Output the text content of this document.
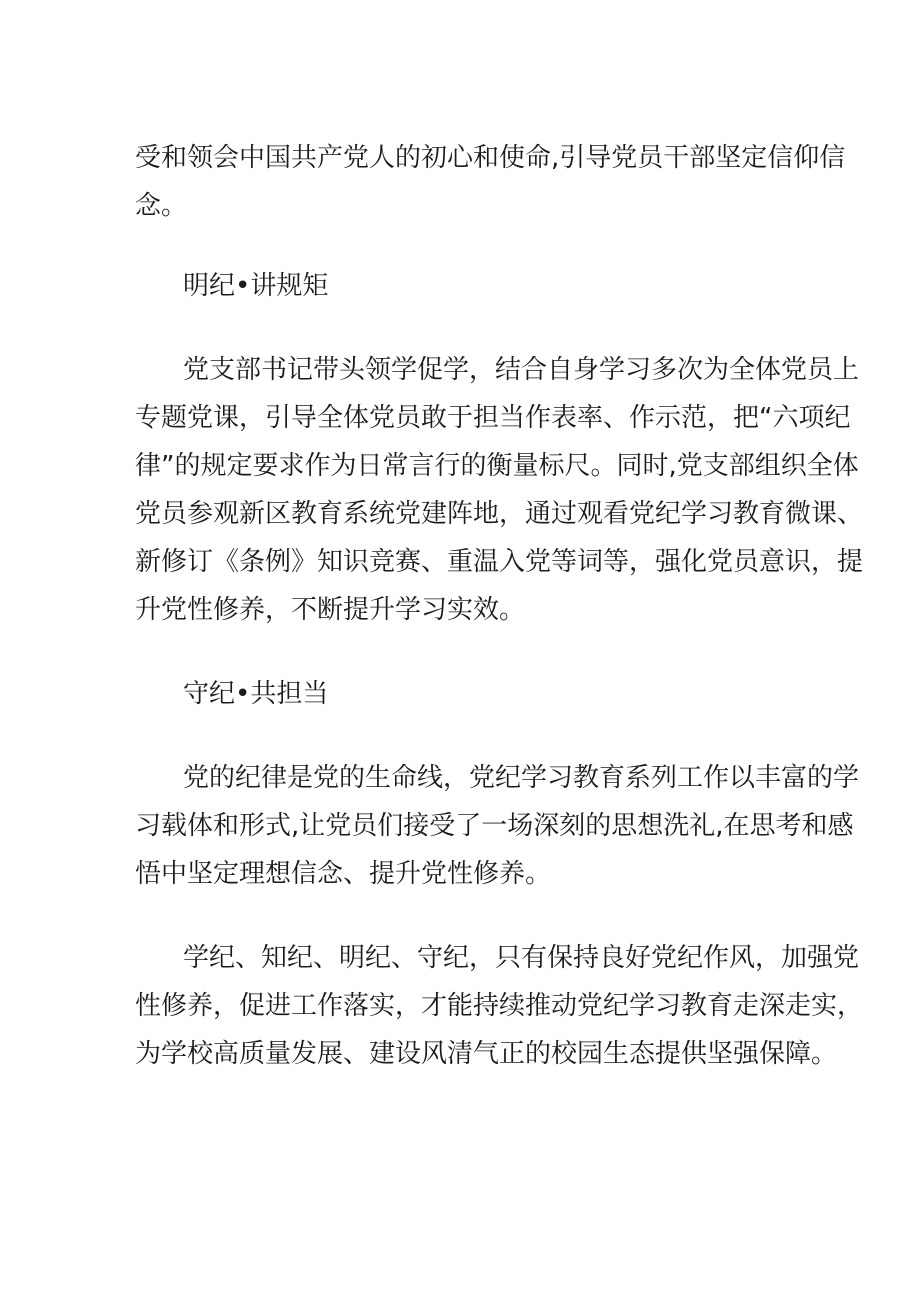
受和领会中国共产党人的初心和使命,引导党员干部坚定信仰信
念。
明纪•讲规矩
党支部书记带头领学促学，结合自身学习多次为全体党员上
专题党课，引导全体党员敢于担当作表率、作示范，把“六项纪
律”的规定要求作为日常言行的衡量标尺。同时,党支部组织全体
党员参观新区教育系统党建阵地，通过观看党纪学习教育微课、
新修订《条例》知识竞赛、重温入党等词等，强化党员意识，提
升党性修养，不断提升学习实效。
守纪•共担当
党的纪律是党的生命线，党纪学习教育系列工作以丰富的学
习载体和形式,让党员们接受了一场深刻的思想洗礼,在思考和感
悟中坚定理想信念、提升党性修养。
学纪、知纪、明纪、守纪，只有保持良好党纪作风，加强党
性修养，促进工作落实，才能持续推动党纪学习教育走深走实，
为学校高质量发展、建设风清气正的校园生态提供坚强保障。
